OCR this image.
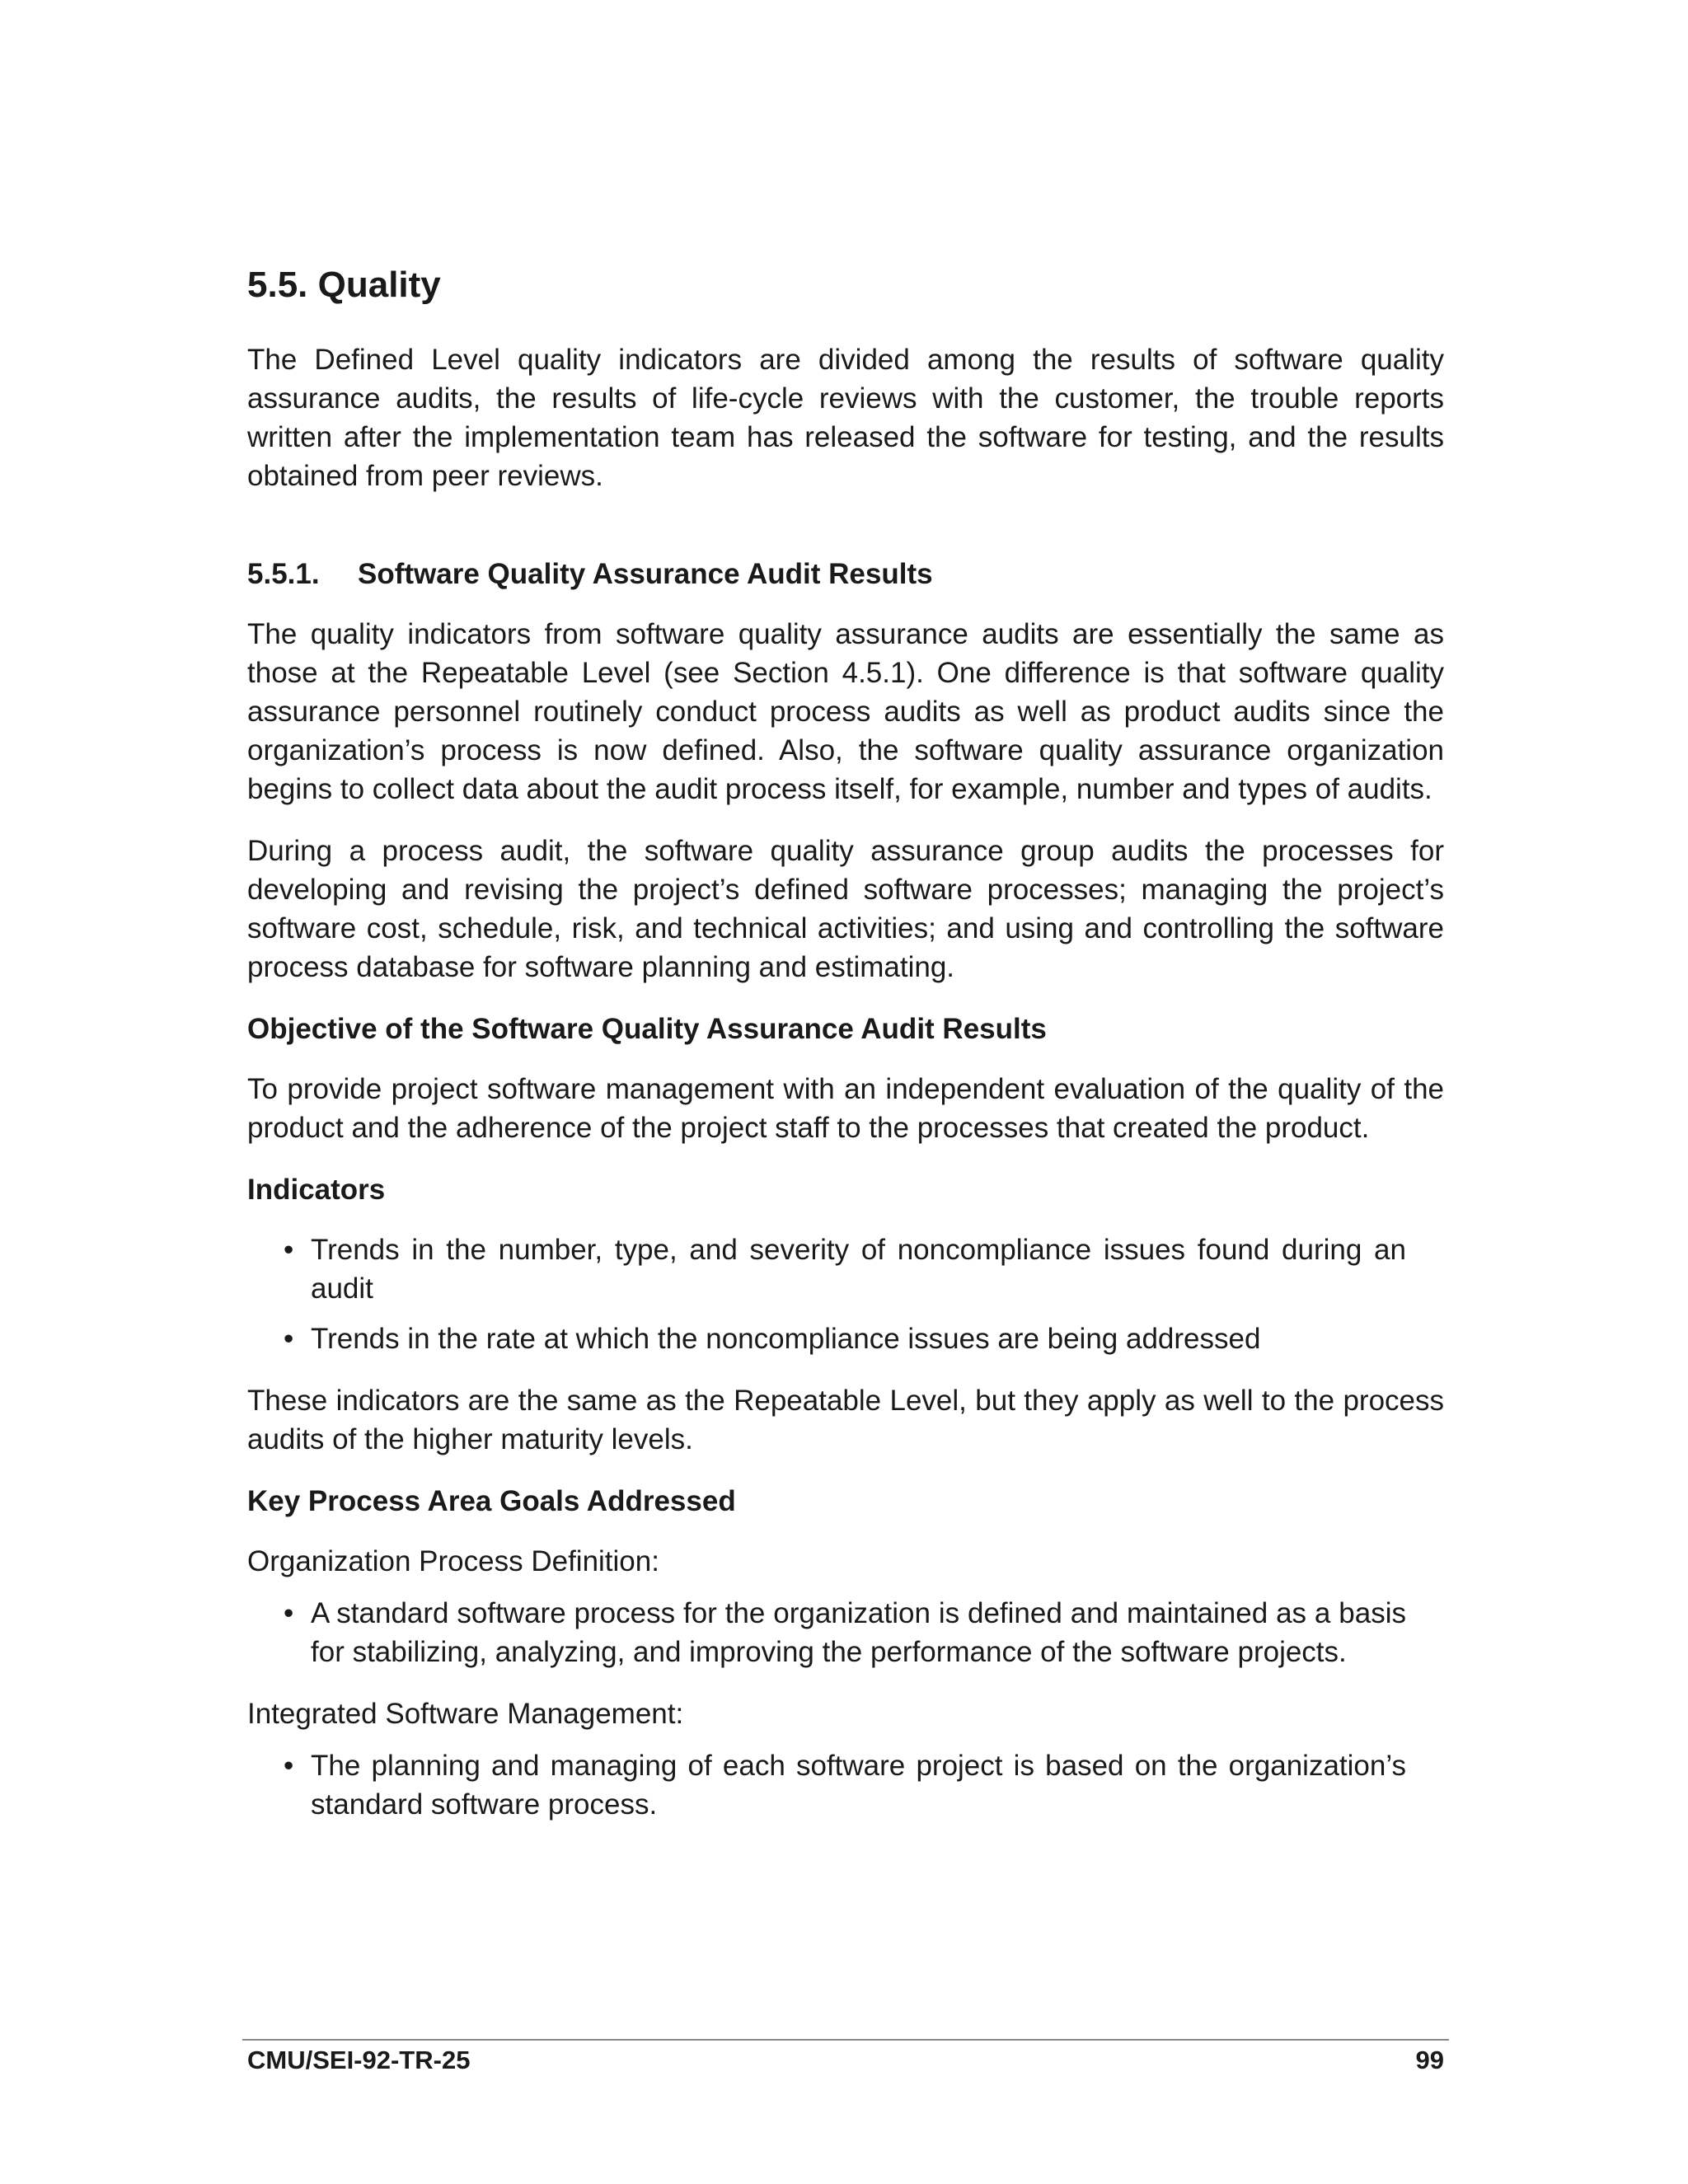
5.5. Quality

The Defined Level quality indicators are divided among the results of software quality assurance audits, the results of life-cycle reviews with the customer, the trouble reports written after the implementation team has released the software for testing, and the results obtained from peer reviews.

5.5.1. Software Quality Assurance Audit Results

The quality indicators from software quality assurance audits are essentially the same as those at the Repeatable Level (see Section 4.5.1). One difference is that software quality assurance personnel routinely conduct process audits as well as product audits since the organization’s process is now defined. Also, the software quality assurance organization begins to collect data about the audit process itself, for example, number and types of audits.

During a process audit, the software quality assurance group audits the processes for developing and revising the project’s defined software processes; managing the project’s software cost, schedule, risk, and technical activities; and using and controlling the software process database for software planning and estimating.

Objective of the Software Quality Assurance Audit Results

To provide project software management with an independent evaluation of the quality of the product and the adherence of the project staff to the processes that created the product.

Indicators
• Trends in the number, type, and severity of noncompliance issues found during an audit
• Trends in the rate at which the noncompliance issues are being addressed

These indicators are the same as the Repeatable Level, but they apply as well to the process audits of the higher maturity levels.

Key Process Area Goals Addressed

Organization Process Definition:

• A standard software process for the organization is defined and maintained as a basis for stabilizing, analyzing, and improving the performance of the software projects.

Integrated Software Management:

• The planning and managing of each software project is based on the organization’s standard software process.
CMU/SEI-92-TR-25	99
